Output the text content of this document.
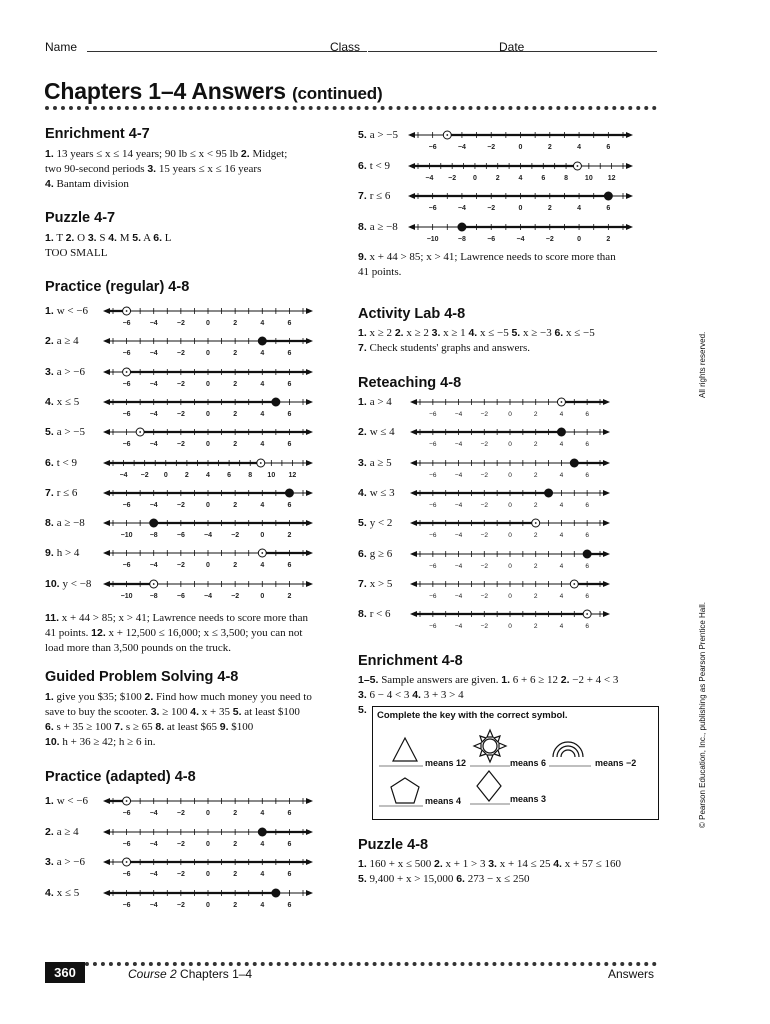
Name	Class	Date
Chapters 1–4 Answers (continued)
Enrichment 4-7
1. 13 years ≤ x ≤ 14 years; 90 lb ≤ x < 95 lb 2. Midget;
two 90-second periods 3. 15 years ≤ x ≤ 16 years
4. Bantam division
Puzzle 4-7
1. T 2. O 3. S 4. M 5. A 6. L
TOO SMALL
Practice (regular) 4-8
1. w < −6
−6	−4	−2	0	2	4	6
2. a ≥ 4
−6	−4	−2	0	2	4	6
3. a > −6
−6	−4	−2	0	2	4	6
4. x ≤ 5
−6	−4	−2	0	2	4	6
5. a > −5
−6	−4	−2	0	2	4	6
6. t < 9
−4 −2 0 2 4 6 8 10 12
7. r ≤ 6
−6	−4	−2	0	2	4	6
8. a ≥ −8
−10 −8	−6	−4	−2	0	2
9. h > 4
−6	−4	−2	0	2	4	6
10. y < −8
−10 −8	−6	−4	−2	0	2
11. x + 44 > 85; x > 41; Lawrence needs to score more than
41 points. 12. x + 12,500 ≤ 16,000; x ≤ 3,500; you can not
load more than 3,500 pounds on the truck.
Guided Problem Solving 4-8
1. give you $35; $100 2. Find how much money you need to
save to buy the scooter. 3. ≥ 100 4. x + 35 5. at least $100
6. s + 35 ≥ 100 7. s ≥ 65 8. at least $65 9. $100
10. h + 36 ≥ 42; h ≥ 6 in.
Practice (adapted) 4-8
1. w < −6
−6	−4	−2	0	2	4	6
2. a ≥ 4
−6	−4	−2	0	2	4	6
3. a > −6
−6	−4	−2	0	2	4	6
4. x ≤ 5
−6	−4	−2	0	2	4	6
5. a > −5
−6	−4	−2	0	2	4	6
6. t < 9
−4 −2 0	2	4	6	8 10 12
7. r ≤ 6
−6	−4	−2	0	2	4	6
8. a ≥ −8
−10	−8	−6	−4	−2	0	2
9. x + 44 > 85; x > 41; Lawrence needs to score more than
41 points.
Activity Lab 4-8
1. x ≥ 2 2. x ≥ 2 3. x ≥ 1 4. x ≤ −5 5. x ≥ −3 6. x ≤ −5
7. Check students' graphs and answers.
Reteaching 4-8
1. a > 4
−6	−4	−2	0	2	4	6
2. w ≤ 4
−6	−4	−2	0	2	4	6
3. a ≥ 5
−6	−4	−2	0	2	4	6
4. w ≤ 3
−6	−4	−2	0	2	4	6
5. y < 2
−6	−4	−2	0	2	4	6
6. g ≥ 6
−6	−4	−2	0	2	4	6
7. x > 5
−6	−4	−2	0	2	4	6
8. r < 6
−6	−4	−2	0	2	4	6
Enrichment 4-8
1–5. Sample answers are given. 1. 6 + 6 ≥ 12 2. −2 + 4 < 3
3. 6 − 4 < 3 4. 3 + 3 > 4
5. Complete the key with the correct symbol.
means 12	means 6	means −2
means 4	means 3
Puzzle 4-8
1. 160 + x ≤ 500 2. x + 1 > 3 3. x + 14 ≤ 25 4. x + 57 ≤ 160
5. 9,400 + x > 15,000 6. 273 − x ≤ 250
All rights reserved.
© Pearson Education, Inc., publishing as Pearson Prentice Hall.
360	Course 2 Chapters 1–4	Answers
